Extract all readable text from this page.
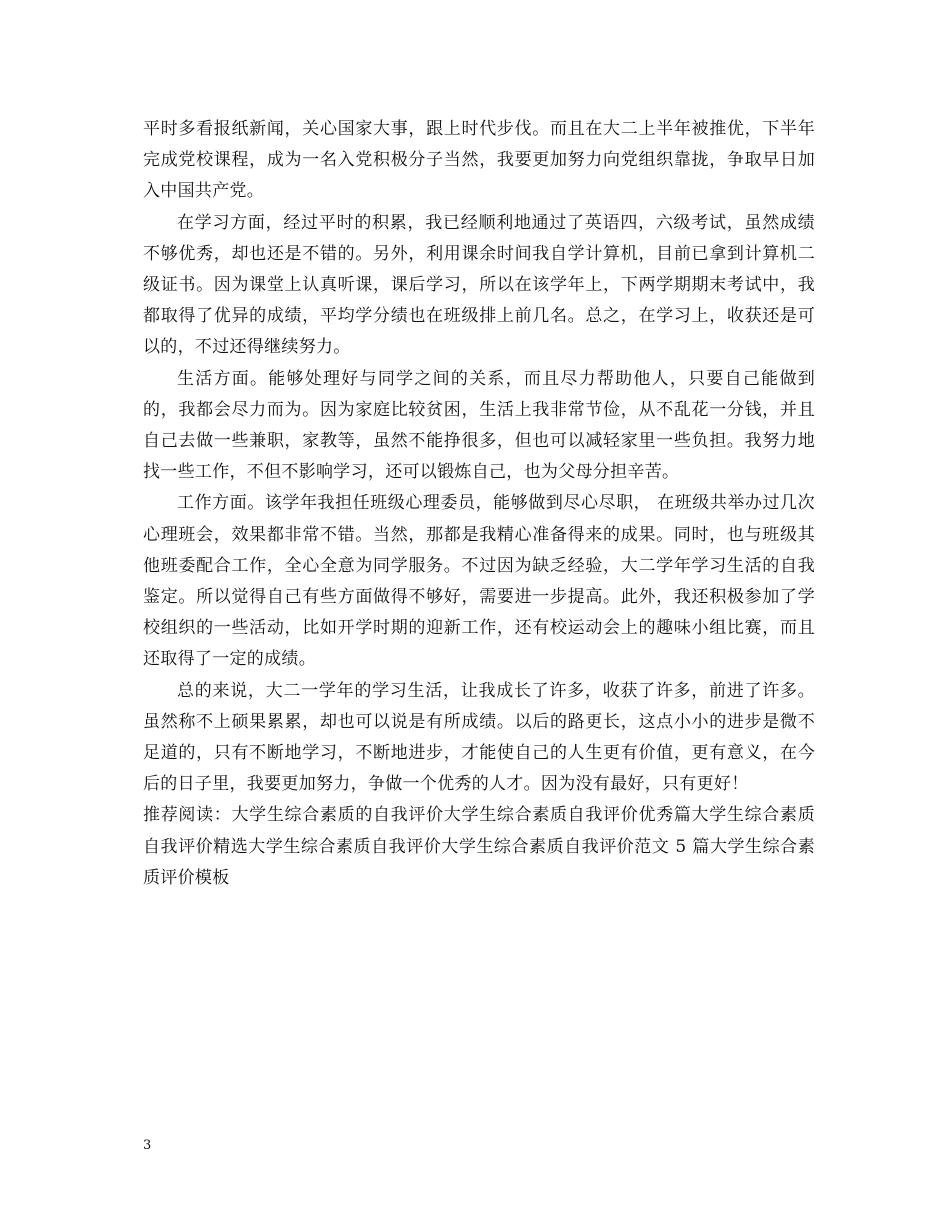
平时多看报纸新闻，关心国家大事，跟上时代步伐。而且在大二上半年被推优，下半年完成党校课程，成为一名入党积极分子当然，我要更加努力向党组织靠拢，争取早日加入中国共产党。

在学习方面，经过平时的积累，我已经顺利地通过了英语四，六级考试，虽然成绩不够优秀，却也还是不错的。另外，利用课余时间我自学计算机，目前已拿到计算机二级证书。因为课堂上认真听课，课后学习，所以在该学年上，下两学期期末考试中，我都取得了优异的成绩，平均学分绩也在班级排上前几名。总之，在学习上，收获还是可以的，不过还得继续努力。

生活方面。能够处理好与同学之间的关系，而且尽力帮助他人，只要自己能做到的，我都会尽力而为。因为家庭比较贫困，生活上我非常节俭，从不乱花一分钱，并且自己去做一些兼职，家教等，虽然不能挣很多，但也可以减轻家里一些负担。我努力地找一些工作，不但不影响学习，还可以锻炼自己，也为父母分担辛苦。

工作方面。该学年我担任班级心理委员，能够做到尽心尽职， 在班级共举办过几次心理班会，效果都非常不错。当然，那都是我精心准备得来的成果。同时，也与班级其他班委配合工作，全心全意为同学服务。不过因为缺乏经验，大二学年学习生活的自我鉴定。所以觉得自己有些方面做得不够好，需要进一步提高。此外，我还积极参加了学校组织的一些活动，比如开学时期的迎新工作，还有校运动会上的趣味小组比赛，而且还取得了一定的成绩。

总的来说，大二一学年的学习生活，让我成长了许多，收获了许多，前进了许多。虽然称不上硕果累累，却也可以说是有所成绩。以后的路更长，这点小小的进步是微不足道的，只有不断地学习，不断地进步，才能使自己的人生更有价值，更有意义，在今后的日子里，我要更加努力，争做一个优秀的人才。因为没有最好，只有更好！

推荐阅读：大学生综合素质的自我评价大学生综合素质自我评价优秀篇大学生综合素质自我评价精选大学生综合素质自我评价大学生综合素质自我评价范文 5 篇大学生综合素质评价模板

3
